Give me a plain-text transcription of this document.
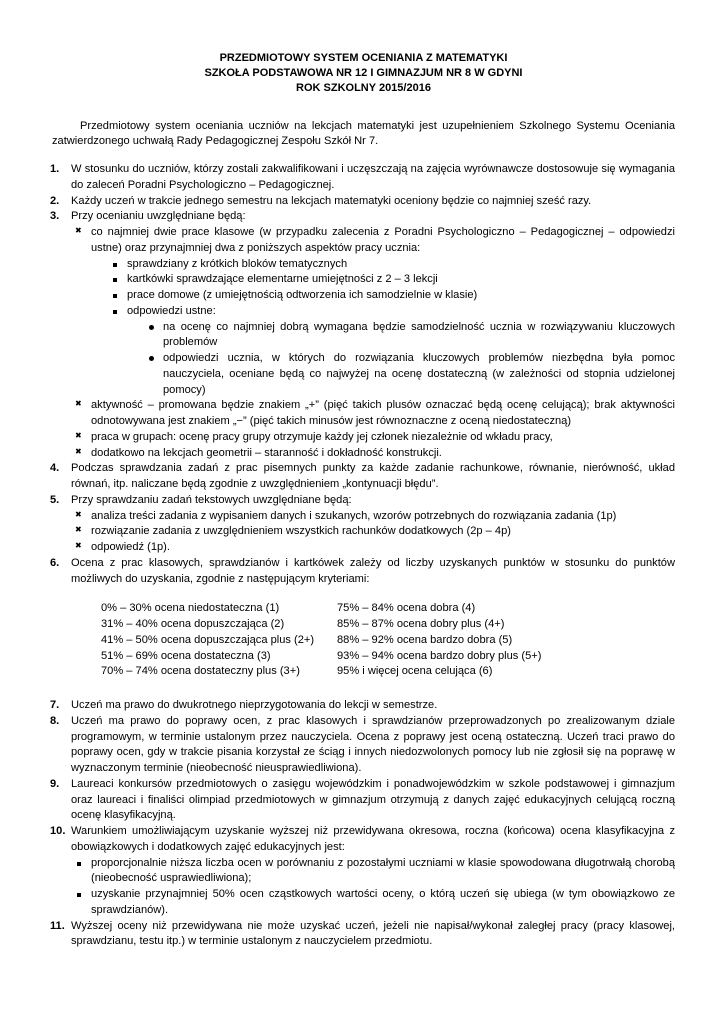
PRZEDMIOTOWY SYSTEM OCENIANIA Z MATEMATYKI
SZKOŁA PODSTAWOWA NR 12 I GIMNAZJUM NR 8 W GDYNI
ROK SZKOLNY 2015/2016

Przedmiotowy system oceniania uczniów na lekcjach matematyki jest uzupełnieniem Szkolnego Systemu Oceniania zatwierdzonego uchwałą Rady Pedagogicznej Zespołu Szkół Nr 7.

1. W stosunku do uczniów, którzy zostali zakwalifikowani i uczęszczają na zajęcia wyrównawcze dostosowuje się wymagania do zaleceń Poradni Psychologiczno – Pedagogicznej.
2. Każdy uczeń w trakcie jednego semestru na lekcjach matematyki oceniony będzie co najmniej sześć razy.
3. Przy ocenianiu uwzględniane będą:
✖ co najmniej dwie prace klasowe (w przypadku zalecenia z Poradni Psychologiczno – Pedagogicznej – odpowiedzi ustne) oraz przynajmniej dwa z poniższych aspektów pracy ucznia:
sprawdziany z krótkich bloków tematycznych
kartkówki sprawdzające elementarne umiejętności z 2 – 3 lekcji
prace domowe (z umiejętnością odtworzenia ich samodzielnie w klasie)
odpowiedzi ustne:
na ocenę co najmniej dobrą wymagana będzie samodzielność ucznia w rozwiązywaniu kluczowych problemów
odpowiedzi ucznia, w których do rozwiązania kluczowych problemów niezbędna była pomoc nauczyciela, oceniane będą co najwyżej na ocenę dostateczną (w zależności od stopnia udzielonej pomocy)
✖ aktywność – promowana będzie znakiem „+” (pięć takich plusów oznaczać będą ocenę celującą); brak aktywności odnotowywana jest znakiem „−” (pięć takich minusów jest równoznaczne z oceną niedostateczną)
✖ praca w grupach: ocenę pracy grupy otrzymuje każdy jej członek niezależnie od wkładu pracy,
✖ dodatkowo na lekcjach geometrii – staranność i dokładność konstrukcji.
4. Podczas sprawdzania zadań z prac pisemnych punkty za każde zadanie rachunkowe, równanie, nierówność, układ równań, itp. naliczane będą zgodnie z uwzględnieniem „kontynuacji błędu”.
5. Przy sprawdzaniu zadań tekstowych uwzględniane będą:
✖ analiza treści zadania z wypisaniem danych i szukanych, wzorów potrzebnych do rozwiązania zadania (1p)
✖ rozwiązanie zadania z uwzględnieniem wszystkich rachunków dodatkowych (2p – 4p)
✖ odpowiedź (1p).
6. Ocena z prac klasowych, sprawdzianów i kartkówek zależy od liczby uzyskanych punktów w stosunku do punktów możliwych do uzyskania, zgodnie z następującym kryteriami:
0% – 30% ocena niedostateczna (1)
31% – 40% ocena dopuszczająca (2)
41% – 50% ocena dopuszczająca plus (2+)
51% – 69% ocena dostateczna (3)
70% – 74% ocena dostateczny plus (3+)
75% – 84% ocena dobra (4)
85% – 87% ocena dobry plus (4+)
88% – 92% ocena bardzo dobra (5)
93% – 94% ocena bardzo dobry plus (5+)
95% i więcej ocena celująca (6)
7. Uczeń ma prawo do dwukrotnego nieprzygotowania do lekcji w semestrze.
8. Uczeń ma prawo do poprawy ocen, z prac klasowych i sprawdzianów przeprowadzonych po zrealizowanym dziale programowym, w terminie ustalonym przez nauczyciela. Ocena z poprawy jest oceną ostateczną. Uczeń traci prawo do poprawy ocen, gdy w trakcie pisania korzystał ze ściąg i innych niedozwolonych pomocy lub nie zgłosił się na poprawę w wyznaczonym terminie (nieobecność nieusprawiedliwiona).
9. Laureaci konkursów przedmiotowych o zasięgu wojewódzkim i ponadwojewódzkim w szkole podstawowej i gimnazjum oraz laureaci i finaliści olimpiad przedmiotowych w gimnazjum otrzymują z danych zajęć edukacyjnych celującą roczną ocenę klasyfikacyjną.
10. Warunkiem umożliwiającym uzyskanie wyższej niż przewidywana okresowa, roczna (końcowa) ocena klasyfikacyjna z obowiązkowych i dodatkowych zajęć edukacyjnych jest:
proporcjonalnie niższa liczba ocen w porównaniu z pozostałymi uczniami w klasie spowodowana długotrwałą chorobą (nieobecność usprawiedliwiona);
uzyskanie przynajmniej 50% ocen cząstkowych wartości oceny, o którą uczeń się ubiega (w tym obowiązkowo ze sprawdzianów).
11. Wyższej oceny niż przewidywana nie może uzyskać uczeń, jeżeli nie napisał/wykonał zaległej pracy (pracy klasowej, sprawdzianu, testu itp.) w terminie ustalonym z nauczycielem przedmiotu.
